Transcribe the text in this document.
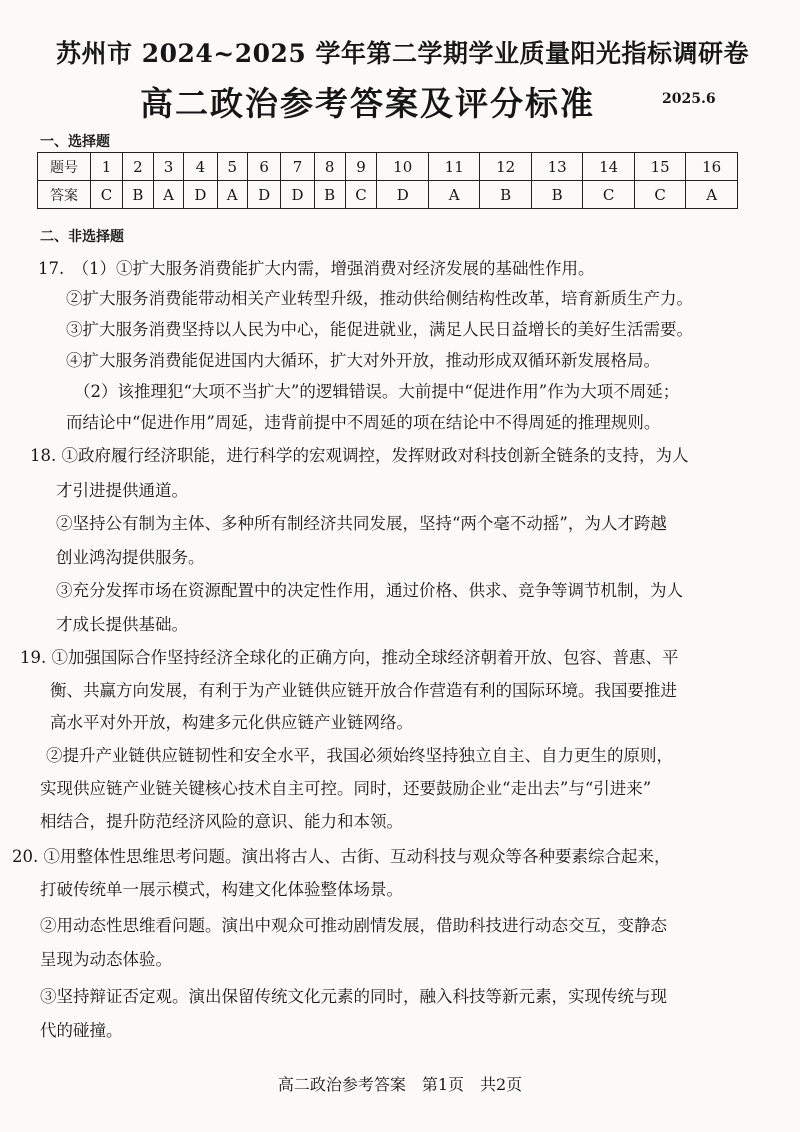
苏州市 2024~2025 学年第二学期学业质量阳光指标调研卷
高二政治参考答案及评分标准	2025.6
一、选择题
题号	1	2	3	4	5	6	7	8	9	10	11	12	13	14	15	16
答案	C	B	A	D	A	D	D	B	C	D	A	B	B	C	C	A
二、非选择题
17.　（1）①扩大服务消费能扩大内需，增强消费对经济发展的基础性作用。
②扩大服务消费能带动相关产业转型升级，推动供给侧结构性改革，培育新质生产力。
③扩大服务消费坚持以人民为中心，能促进就业，满足人民日益增长的美好生活需要。
④扩大服务消费能促进国内大循环，扩大对外开放，推动形成双循环新发展格局。
（2）该推理犯“大项不当扩大”的逻辑错误。大前提中“促进作用”作为大项不周延；
而结论中“促进作用”周延，违背前提中不周延的项在结论中不得周延的推理规则。
18. ①政府履行经济职能，进行科学的宏观调控，发挥财政对科技创新全链条的支持，为人
才引进提供通道。
②坚持公有制为主体、多种所有制经济共同发展，坚持“两个毫不动摇”，为人才跨越
创业鸿沟提供服务。
③充分发挥市场在资源配置中的决定性作用，通过价格、供求、竞争等调节机制，为人
才成长提供基础。
19. ①加强国际合作坚持经济全球化的正确方向，推动全球经济朝着开放、包容、普惠、平
衡、共赢方向发展，有利于为产业链供应链开放合作营造有利的国际环境。我国要推进
高水平对外开放，构建多元化供应链产业链网络。
②提升产业链供应链韧性和安全水平，我国必须始终坚持独立自主、自力更生的原则，
实现供应链产业链关键核心技术自主可控。同时，还要鼓励企业“走出去”与“引进来”
相结合，提升防范经济风险的意识、能力和本领。
20. ①用整体性思维思考问题。演出将古人、古街、互动科技与观众等各种要素综合起来，
打破传统单一展示模式，构建文化体验整体场景。
②用动态性思维看问题。演出中观众可推动剧情发展，借助科技进行动态交互，变静态
呈现为动态体验。
③坚持辩证否定观。演出保留传统文化元素的同时，融入科技等新元素，实现传统与现
代的碰撞。
高二政治参考答案　第1页　共2页
